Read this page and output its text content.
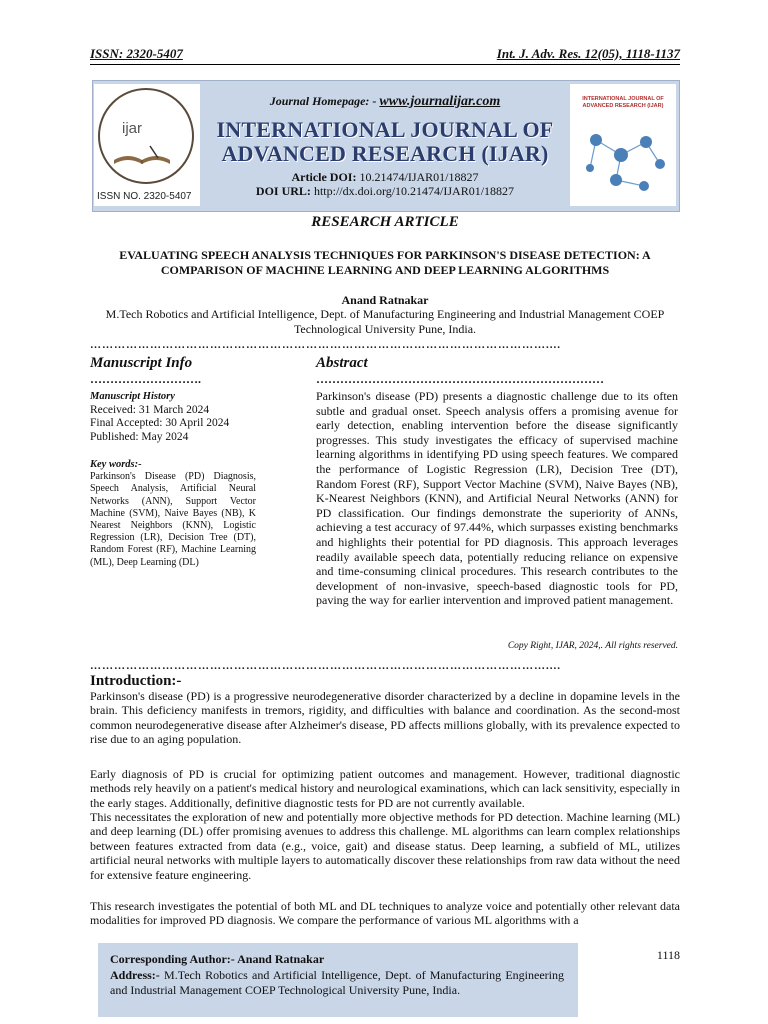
ISSN: 2320-5407	Int. J. Adv. Res. 12(05), 1118-1137
ijar
ISSN NO. 2320-5407
Journal Homepage: - www.journalijar.com
INTERNATIONAL JOURNAL OF
ADVANCED RESEARCH (IJAR)
Article DOI: 10.21474/IJAR01/18827
DOI URL: http://dx.doi.org/10.21474/IJAR01/18827
INTERNATIONAL JOURNAL OF ADVANCED RESEARCH (IJAR)
RESEARCH ARTICLE
EVALUATING SPEECH ANALYSIS TECHNIQUES FOR PARKINSON'S DISEASE DETECTION: A
COMPARISON OF MACHINE LEARNING AND DEEP LEARNING ALGORITHMS
Anand Ratnakar
M.Tech Robotics and Artificial Intelligence, Dept. of Manufacturing Engineering and Industrial Management COEP
Technological University Pune, India.
……………………………………………………………………………………………………....
Manuscript Info
……………………….
Manuscript History
Received: 31 March 2024
Final Accepted: 30 April 2024
Published: May 2024
Key words:-
Parkinson's Disease (PD) Diagnosis, Speech Analysis, Artificial Neural Networks (ANN), Support Vector Machine (SVM), Naive Bayes (NB), K Nearest Neighbors (KNN), Logistic Regression (LR), Decision Tree (DT), Random Forest (RF), Machine Learning (ML), Deep Learning (DL)
Abstract
………………………………………………………………
Parkinson's disease (PD) presents a diagnostic challenge due to its often subtle and gradual onset. Speech analysis offers a promising avenue for early detection, enabling intervention before the disease significantly progresses. This study investigates the efficacy of supervised machine learning algorithms in identifying PD using speech features. We compared the performance of Logistic Regression (LR), Decision Tree (DT), Random Forest (RF), Support Vector Machine (SVM), Naive Bayes (NB), K-Nearest Neighbors (KNN), and Artificial Neural Networks (ANN) for PD classification. Our findings demonstrate the superiority of ANNs, achieving a test accuracy of 97.44%, which surpasses existing benchmarks and highlights their potential for PD diagnosis. This approach leverages readily available speech data, potentially reducing reliance on expensive and time-consuming clinical procedures. This research contributes to the development of non-invasive, speech-based diagnostic tools for PD, paving the way for earlier intervention and improved patient management.
Copy Right, IJAR, 2024,. All rights reserved.
……………………………………………………………………………………………………....
Introduction:-
Parkinson's disease (PD) is a progressive neurodegenerative disorder characterized by a decline in dopamine levels in the brain. This deficiency manifests in tremors, rigidity, and difficulties with balance and coordination. As the second-most common neurodegenerative disease after Alzheimer's disease, PD affects millions globally, with its prevalence expected to rise due to an aging population.
Early diagnosis of PD is crucial for optimizing patient outcomes and management. However, traditional diagnostic methods rely heavily on a patient's medical history and neurological examinations, which can lack sensitivity, especially in the early stages. Additionally, definitive diagnostic tests for PD are not currently available.
This necessitates the exploration of new and potentially more objective methods for PD detection. Machine learning (ML) and deep learning (DL) offer promising avenues to address this challenge. ML algorithms can learn complex relationships between features extracted from data (e.g., voice, gait) and disease status. Deep learning, a subfield of ML, utilizes artificial neural networks with multiple layers to automatically discover these relationships from raw data without the need for extensive feature engineering.
This research investigates the potential of both ML and DL techniques to analyze voice and potentially other relevant data modalities for improved PD diagnosis. We compare the performance of various ML algorithms with a
Corresponding Author:- Anand Ratnakar
Address:- M.Tech Robotics and Artificial Intelligence, Dept. of Manufacturing Engineering and Industrial Management COEP Technological University Pune, India.
1118
